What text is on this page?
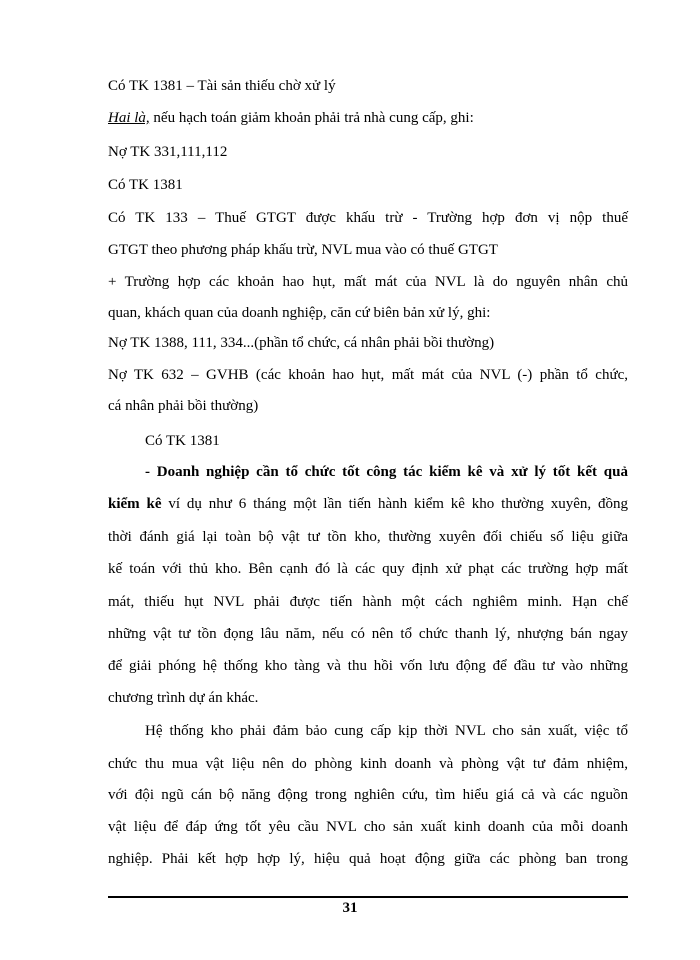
Có TK 1381 – Tài sản thiếu chờ xử lý
Hai là, nếu hạch toán giảm khoản phải trả nhà cung cấp, ghi:
Nợ TK 331,111,112
Có TK 1381
Có TK 133 – Thuế GTGT được khấu trừ - Trường hợp đơn vị nộp thuế
GTGT theo phương pháp khấu trừ, NVL mua vào có thuế GTGT
+ Trường hợp các khoản hao hụt, mất mát của NVL là do nguyên nhân chủ
quan, khách quan của doanh nghiệp, căn cứ biên bản xử lý, ghi:
Nợ TK 1388, 111, 334...(phần tổ chức, cá nhân phải bồi thường)
Nợ TK 632 – GVHB (các khoản hao hụt, mất mát của NVL (-) phần tổ chức,
cá nhân phải bồi thường)
Có TK 1381
- Doanh nghiệp cần tổ chức tốt công tác kiểm kê và xử lý tốt kết quả
kiểm kê ví dụ như 6 tháng một lần tiến hành kiểm kê kho thường xuyên, đồng
thời đánh giá lại toàn bộ vật tư tồn kho, thường xuyên đối chiếu số liệu giữa
kế toán với thủ kho. Bên cạnh đó là các quy định xử phạt các trường hợp mất
mát, thiếu hụt NVL phải được tiến hành một cách nghiêm minh. Hạn chế
những vật tư tồn đọng lâu năm, nếu có nên tổ chức thanh lý, nhượng bán ngay
để giải phóng hệ thống kho tàng và thu hồi vốn lưu động để đầu tư vào những
chương trình dự án khác.
Hệ thống kho phải đảm bảo cung cấp kịp thời NVL cho sản xuất, việc tổ
chức thu mua vật liệu nên do phòng kinh doanh và phòng vật tư đảm nhiệm,
với đội ngũ cán bộ năng động trong nghiên cứu, tìm hiểu giá cả và các nguồn
vật liệu để đáp ứng tốt yêu cầu NVL cho sản xuất kinh doanh của mỗi doanh
nghiệp. Phải kết hợp hợp lý, hiệu quả hoạt động giữa các phòng ban trong
31
